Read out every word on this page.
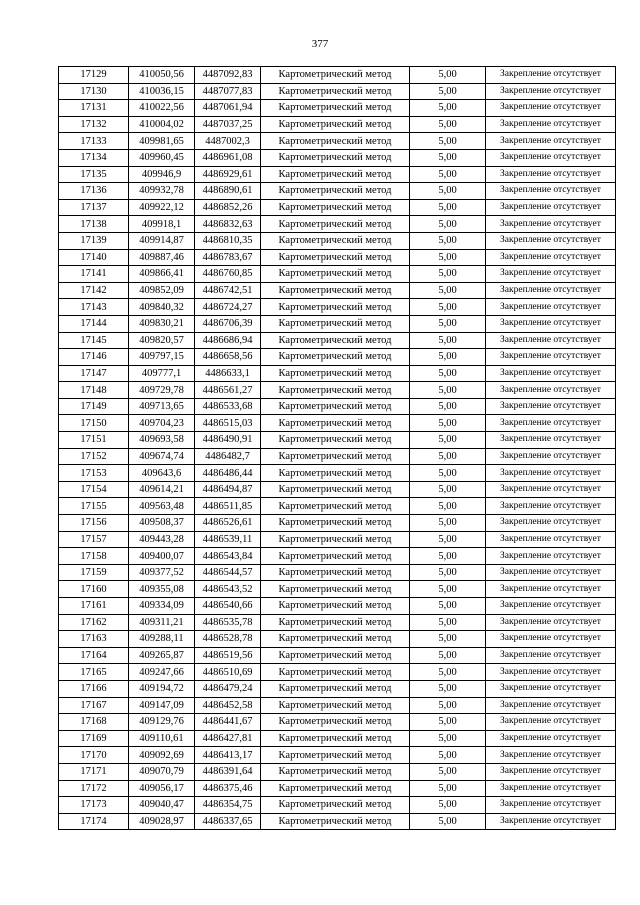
377
17129	410050,56	4487092,83	Картометрический метод	5,00	Закрепление отсутствует
17130	410036,15	4487077,83	Картометрический метод	5,00	Закрепление отсутствует
17131	410022,56	4487061,94	Картометрический метод	5,00	Закрепление отсутствует
17132	410004,02	4487037,25	Картометрический метод	5,00	Закрепление отсутствует
17133	409981,65	4487002,3	Картометрический метод	5,00	Закрепление отсутствует
17134	409960,45	4486961,08	Картометрический метод	5,00	Закрепление отсутствует
17135	409946,9	4486929,61	Картометрический метод	5,00	Закрепление отсутствует
17136	409932,78	4486890,61	Картометрический метод	5,00	Закрепление отсутствует
17137	409922,12	4486852,26	Картометрический метод	5,00	Закрепление отсутствует
17138	409918,1	4486832,63	Картометрический метод	5,00	Закрепление отсутствует
17139	409914,87	4486810,35	Картометрический метод	5,00	Закрепление отсутствует
17140	409887,46	4486783,67	Картометрический метод	5,00	Закрепление отсутствует
17141	409866,41	4486760,85	Картометрический метод	5,00	Закрепление отсутствует
17142	409852,09	4486742,51	Картометрический метод	5,00	Закрепление отсутствует
17143	409840,32	4486724,27	Картометрический метод	5,00	Закрепление отсутствует
17144	409830,21	4486706,39	Картометрический метод	5,00	Закрепление отсутствует
17145	409820,57	4486686,94	Картометрический метод	5,00	Закрепление отсутствует
17146	409797,15	4486658,56	Картометрический метод	5,00	Закрепление отсутствует
17147	409777,1	4486633,1	Картометрический метод	5,00	Закрепление отсутствует
17148	409729,78	4486561,27	Картометрический метод	5,00	Закрепление отсутствует
17149	409713,65	4486533,68	Картометрический метод	5,00	Закрепление отсутствует
17150	409704,23	4486515,03	Картометрический метод	5,00	Закрепление отсутствует
17151	409693,58	4486490,91	Картометрический метод	5,00	Закрепление отсутствует
17152	409674,74	4486482,7	Картометрический метод	5,00	Закрепление отсутствует
17153	409643,6	4486486,44	Картометрический метод	5,00	Закрепление отсутствует
17154	409614,21	4486494,87	Картометрический метод	5,00	Закрепление отсутствует
17155	409563,48	4486511,85	Картометрический метод	5,00	Закрепление отсутствует
17156	409508,37	4486526,61	Картометрический метод	5,00	Закрепление отсутствует
17157	409443,28	4486539,11	Картометрический метод	5,00	Закрепление отсутствует
17158	409400,07	4486543,84	Картометрический метод	5,00	Закрепление отсутствует
17159	409377,52	4486544,57	Картометрический метод	5,00	Закрепление отсутствует
17160	409355,08	4486543,52	Картометрический метод	5,00	Закрепление отсутствует
17161	409334,09	4486540,66	Картометрический метод	5,00	Закрепление отсутствует
17162	409311,21	4486535,78	Картометрический метод	5,00	Закрепление отсутствует
17163	409288,11	4486528,78	Картометрический метод	5,00	Закрепление отсутствует
17164	409265,87	4486519,56	Картометрический метод	5,00	Закрепление отсутствует
17165	409247,66	4486510,69	Картометрический метод	5,00	Закрепление отсутствует
17166	409194,72	4486479,24	Картометрический метод	5,00	Закрепление отсутствует
17167	409147,09	4486452,58	Картометрический метод	5,00	Закрепление отсутствует
17168	409129,76	4486441,67	Картометрический метод	5,00	Закрепление отсутствует
17169	409110,61	4486427,81	Картометрический метод	5,00	Закрепление отсутствует
17170	409092,69	4486413,17	Картометрический метод	5,00	Закрепление отсутствует
17171	409070,79	4486391,64	Картометрический метод	5,00	Закрепление отсутствует
17172	409056,17	4486375,46	Картометрический метод	5,00	Закрепление отсутствует
17173	409040,47	4486354,75	Картометрический метод	5,00	Закрепление отсутствует
17174	409028,97	4486337,65	Картометрический метод	5,00	Закрепление отсутствует
